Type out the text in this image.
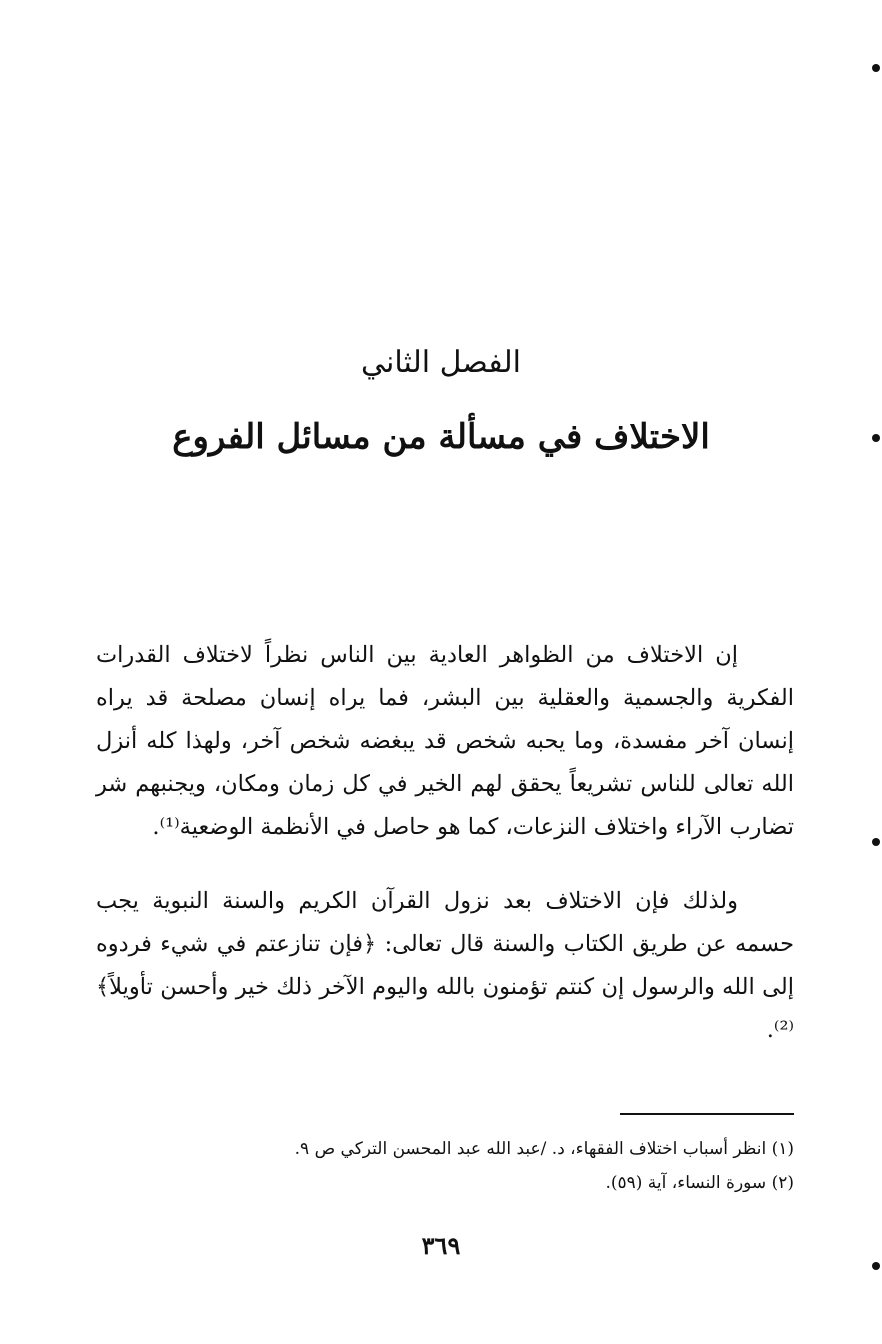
الفصل الثاني
الاختلاف في مسألة من مسائل الفروع

إن الاختلاف من الظواهر العادية بين الناس نظراً لاختلاف القدرات الفكرية والجسمية والعقلية بين البشر، فما يراه إنسان مصلحة قد يراه إنسان آخر مفسدة، وما يحبه شخص قد يبغضه شخص آخر، ولهذا كله أنزل الله تعالى للناس تشريعاً يحقق لهم الخير في كل زمان ومكان، ويجنبهم شر تضارب الآراء واختلاف النزعات، كما هو حاصل في الأنظمة الوضعية⁽¹⁾.

ولذلك فإن الاختلاف بعد نزول القرآن الكريم والسنة النبوية يجب حسمه عن طريق الكتاب والسنة قال تعالى: ﴿فإن تنازعتم في شيء فردوه إلى الله والرسول إن كنتم تؤمنون بالله واليوم الآخر ذلك خير وأحسن تأويلاً﴾⁽²⁾.

(١) انظر أسباب اختلاف الفقهاء، د. /عبد الله عبد المحسن التركي ص ٩.
(٢) سورة النساء، آية (٥٩).
٣٦٩
